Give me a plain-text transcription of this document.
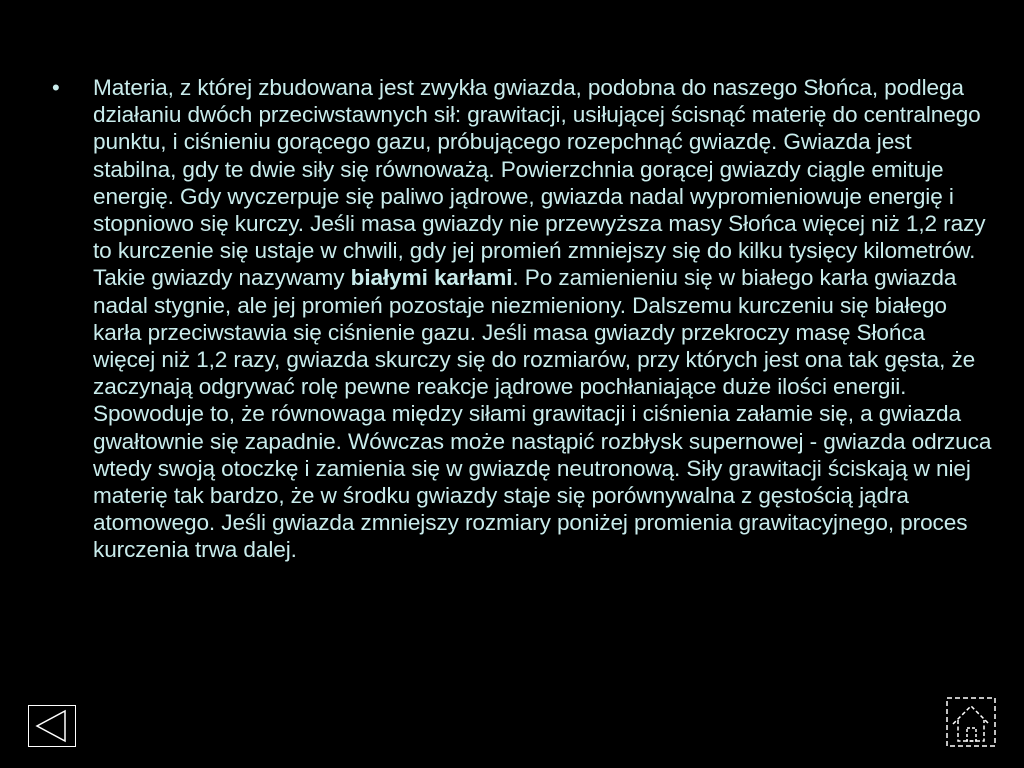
•	Materia, z której zbudowana jest zwykła gwiazda, podobna do naszego Słońca, podlega działaniu dwóch przeciwstawnych sił: grawitacji, usiłującej ścisnąć materię do centralnego punktu, i ciśnieniu gorącego gazu, próbującego rozepchnąć gwiazdę. Gwiazda jest stabilna, gdy te dwie siły się równoważą. Powierzchnia gorącej gwiazdy ciągle emituje energię. Gdy wyczerpuje się paliwo jądrowe, gwiazda nadal wypromieniowuje energię i stopniowo się kurczy. Jeśli masa gwiazdy nie przewyższa masy Słońca więcej niż 1,2 razy to kurczenie się ustaje w chwili, gdy jej promień zmniejszy się do kilku tysięcy kilometrów. Takie gwiazdy nazywamy białymi karłami. Po zamienieniu się w białego karła gwiazda nadal stygnie, ale jej promień pozostaje niezmieniony. Dalszemu kurczeniu się białego karła przeciwstawia się ciśnienie gazu. Jeśli masa gwiazdy przekroczy masę Słońca więcej niż 1,2 razy, gwiazda skurczy się do rozmiarów, przy których jest ona tak gęsta, że zaczynają odgrywać rolę pewne reakcje jądrowe pochłaniające duże ilości energii. Spowoduje to, że równowaga między siłami grawitacji i ciśnienia załamie się, a gwiazda gwałtownie się zapadnie. Wówczas może nastąpić rozbłysk supernowej - gwiazda odrzuca wtedy swoją otoczkę i zamienia się w gwiazdę neutronową. Siły grawitacji ściskają w niej materię tak bardzo, że w środku gwiazdy staje się porównywalna z gęstością jądra atomowego. Jeśli gwiazda zmniejszy rozmiary poniżej promienia grawitacyjnego, proces kurczenia trwa dalej.
